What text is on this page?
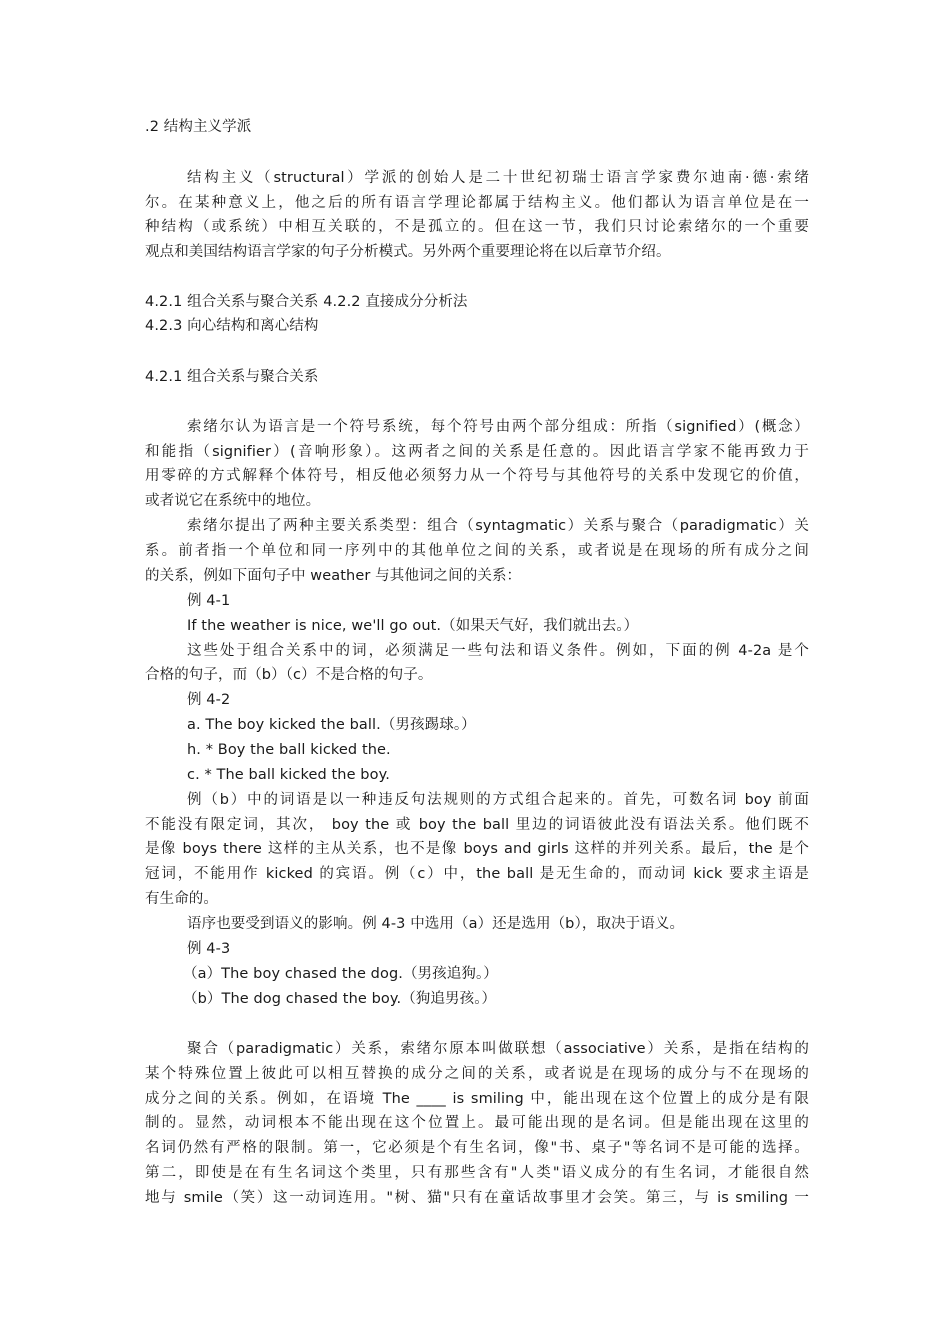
.2 结构主义学派
结构主义（structural）学派的创始人是二十世纪初瑞士语言学家费尔迪南·德·索绪
尔。在某种意义上，他之后的所有语言学理论都属于结构主义。他们都认为语言单位是在一
种结构（或系统）中相互关联的，不是孤立的。但在这一节，我们只讨论索绪尔的一个重要
观点和美国结构语言学家的句子分析模式。另外两个重要理论将在以后章节介绍。
4.2.1 组合关系与聚合关系 4.2.2 直接成分分析法
4.2.3 向心结构和离心结构
4.2.1 组合关系与聚合关系
索绪尔认为语言是一个符号系统，每个符号由两个部分组成：所指（signified）(概念）
和能指（signifier）(音响形象）。这两者之间的关系是任意的。因此语言学家不能再致力于
用零碎的方式解释个体符号，相反他必须努力从一个符号与其他符号的关系中发现它的价值，
或者说它在系统中的地位。
索绪尔提出了两种主要关系类型：组合（syntagmatic）关系与聚合（paradigmatic）关
系。前者指一个单位和同一序列中的其他单位之间的关系，或者说是在现场的所有成分之间
的关系，例如下面句子中 weather 与其他词之间的关系：
例 4-1
If the weather is nice, we'll go out.（如果天气好，我们就出去。）
这些处于组合关系中的词，必须满足一些句法和语义条件。例如，下面的例 4-2a 是个
合格的句子，而（b）（c）不是合格的句子。
例 4-2
a. The boy kicked the ball.（男孩踢球。）
h. * Boy the ball kicked the.
c. * The ball kicked the boy.
例（b）中的词语是以一种违反句法规则的方式组合起来的。首先，可数名词 boy 前面
不能没有限定词，其次， boy the 或 boy the ball 里边的词语彼此没有语法关系。他们既不
是像 boys there 这样的主从关系，也不是像 boys and girls 这样的并列关系。最后，the 是个
冠词，不能用作 kicked 的宾语。例（c）中，the ball 是无生命的，而动词 kick 要求主语是
有生命的。
语序也要受到语义的影响。例 4-3 中选用（a）还是选用（b），取决于语义。
例 4-3
（a）The boy chased the dog.（男孩追狗。）
（b）The dog chased the boy.（狗追男孩。）
聚合（paradigmatic）关系，索绪尔原本叫做联想（associative）关系，是指在结构的
某个特殊位置上彼此可以相互替换的成分之间的关系，或者说是在现场的成分与不在现场的
成分之间的关系。例如，在语境 The ____ is smiling 中，能出现在这个位置上的成分是有限
制的。显然，动词根本不能出现在这个位置上。最可能出现的是名词。但是能出现在这里的
名词仍然有严格的限制。第一，它必须是个有生名词，像"书、桌子"等名词不是可能的选择。
第二，即使是在有生名词这个类里，只有那些含有"人类"语义成分的有生名词，才能很自然
地与 smile（笑）这一动词连用。"树、猫"只有在童话故事里才会笑。第三，与 is smiling 一
